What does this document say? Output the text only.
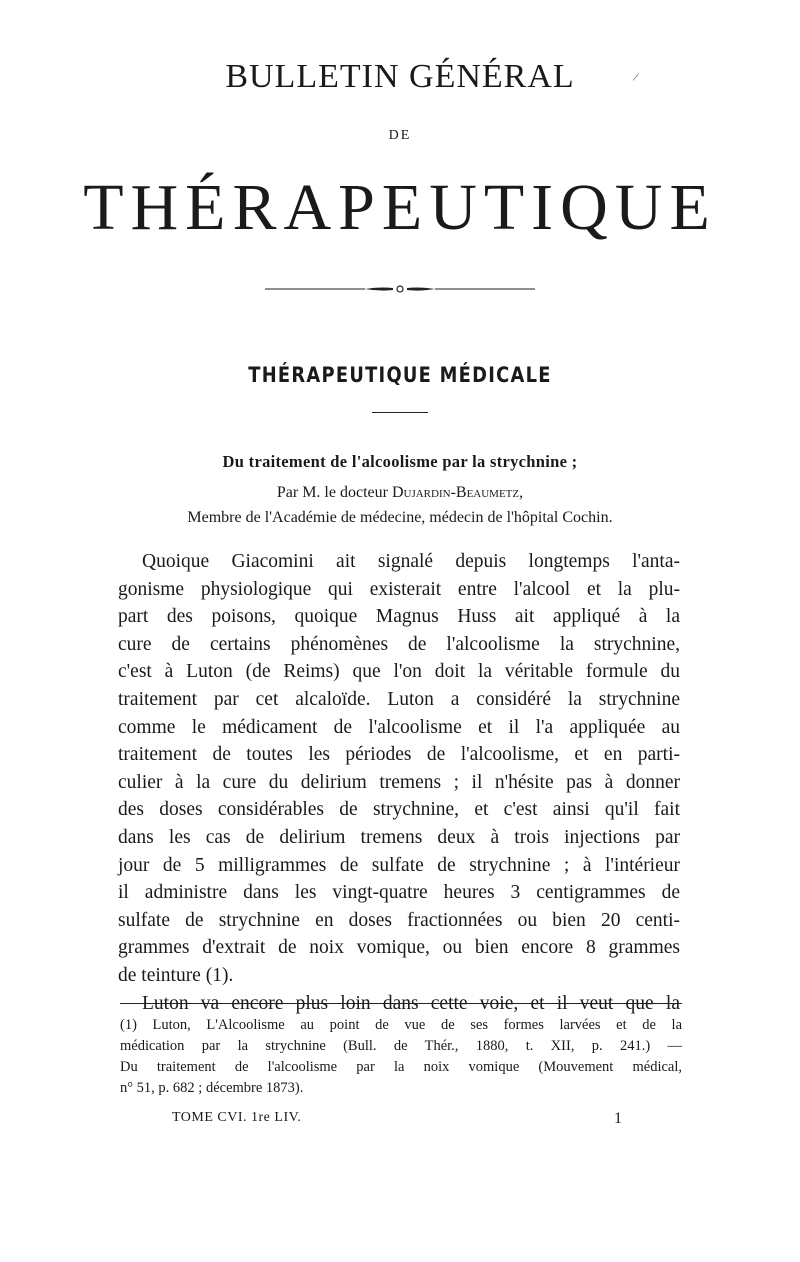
BULLETIN GÉNÉRAL	/
DE
THÉRAPEUTIQUE
THÉRAPEUTIQUE MÉDICALE
Du traitement de l'alcoolisme par la strychnine ;
Par M. le docteur Dujardin-Beaumetz,
Membre de l'Académie de médecine, médecin de l'hôpital Cochin.
Quoique Giacomini ait signalé depuis longtemps l'anta-
gonisme physiologique qui existerait entre l'alcool et la plu-
part des poisons, quoique Magnus Huss ait appliqué à la
cure de certains phénomènes de l'alcoolisme la strychnine,
c'est à Luton (de Reims) que l'on doit la véritable formule du
traitement par cet alcaloïde. Luton a considéré la strychnine
comme le médicament de l'alcoolisme et il l'a appliquée au
traitement de toutes les périodes de l'alcoolisme, et en parti-
culier à la cure du delirium tremens ; il n'hésite pas à donner
des doses considérables de strychnine, et c'est ainsi qu'il fait
dans les cas de delirium tremens deux à trois injections par
jour de 5 milligrammes de sulfate de strychnine ; à l'intérieur
il administre dans les vingt-quatre heures 3 centigrammes de
sulfate de strychnine en doses fractionnées ou bien 20 centi-
grammes d'extrait de noix vomique, ou bien encore 8 grammes
de teinture (1).
Luton va encore plus loin dans cette voie, et il veut que la
(1) Luton, L'Alcoolisme au point de vue de ses formes larvées et de la
médication par la strychnine (Bull. de Thér., 1880, t. XII, p. 241.) —
Du traitement de l'alcoolisme par la noix vomique (Mouvement médical,
n° 51, p. 682 ; décembre 1873).
TOME CVI. 1re LIV.	1
